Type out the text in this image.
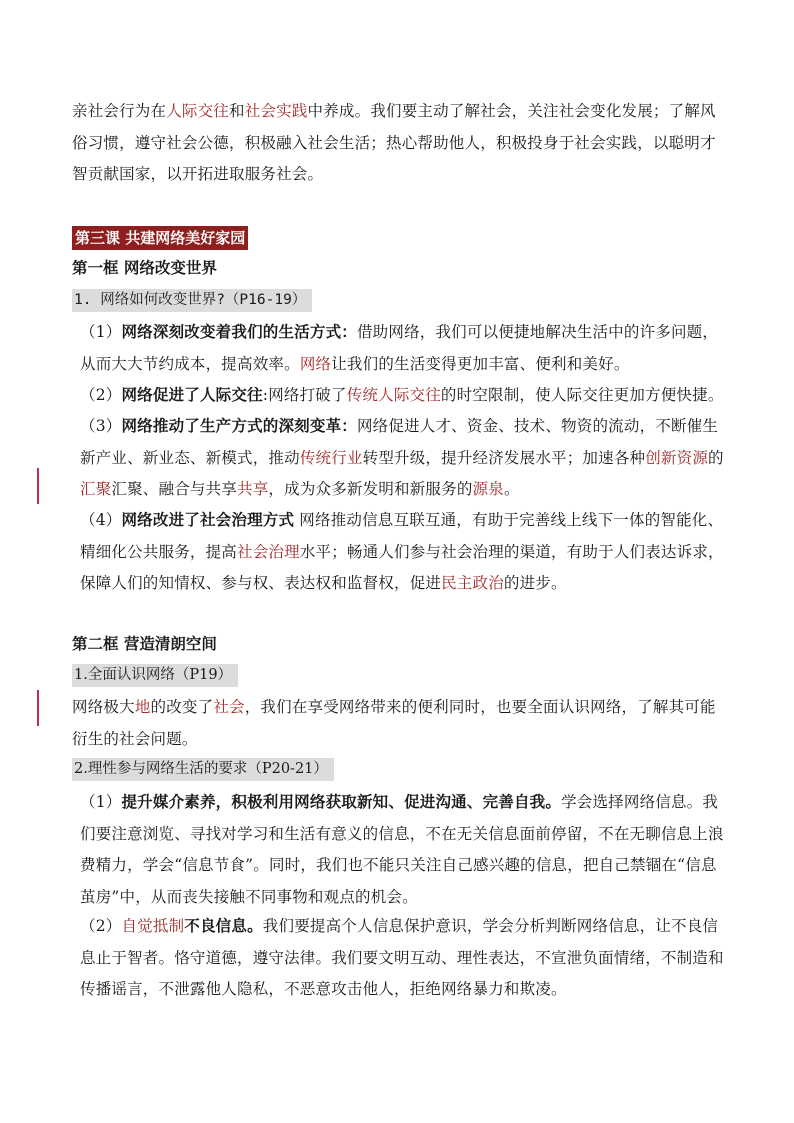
亲社会行为在人际交往和社会实践中养成。我们要主动了解社会，关注社会变化发展；了解风俗习惯，遵守社会公德，积极融入社会生活；热心帮助他人，积极投身于社会实践，以聪明才智贡献国家，以开拓进取服务社会。
第三课 共建网络美好家园
第一框 网络改变世界
1. 网络如何改变世界?（P16-19）
（1）网络深刻改变着我们的生活方式：借助网络，我们可以便捷地解决生活中的许多问题，从而大大节约成本，提高效率。网络让我们的生活变得更加丰富、便利和美好。
（2）网络促进了人际交往:网络打破了传统人际交往的时空限制，使人际交往更加方便快捷。
（3）网络推动了生产方式的深刻变革：网络促进人才、资金、技术、物资的流动，不断催生新产业、新业态、新模式，推动传统行业转型升级，提升经济发展水平；加速各种创新资源的汇聚汇聚、融合与共享共享，成为众多新发明和新服务的源泉。
（4）网络改进了社会治理方式 网络推动信息互联互通，有助于完善线上线下一体的智能化、精细化公共服务，提高社会治理水平；畅通人们参与社会治理的渠道，有助于人们表达诉求，保障人们的知情权、参与权、表达权和监督权，促进民主政治的进步。
第二框 营造清朗空间
1.全面认识网络（P19）
网络极大地的改变了社会，我们在享受网络带来的便利同时，也要全面认识网络，了解其可能衍生的社会问题。
2.理性参与网络生活的要求（P20-21）
（1）提升媒介素养，积极利用网络获取新知、促进沟通、完善自我。学会选择网络信息。我们要注意浏览、寻找对学习和生活有意义的信息，不在无关信息面前停留，不在无聊信息上浪费精力，学会“信息节食”。同时，我们也不能只关注自己感兴趣的信息，把自己禁锢在“信息茧房”中，从而丧失接触不同事物和观点的机会。
（2）自觉抵制不良信息。我们要提高个人信息保护意识，学会分析判断网络信息，让不良信息止于智者。恪守道德，遵守法律。我们要文明互动、理性表达，不宣泄负面情绪，不制造和传播谣言，不泄露他人隐私，不恶意攻击他人，拒绝网络暴力和欺凌。
